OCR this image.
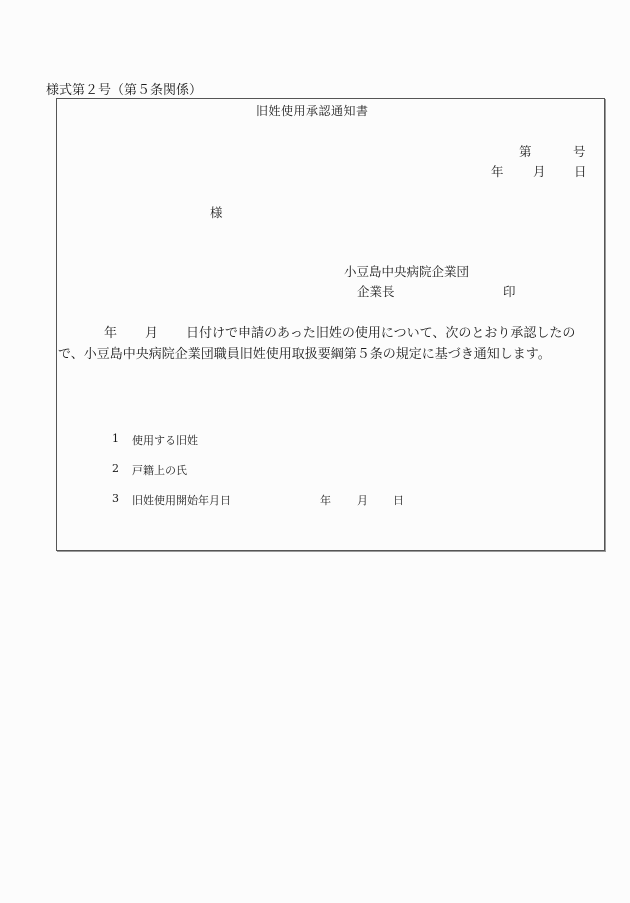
様式第２号（第５条関係）
旧姓使用承認通知書
第	号
年 月 日
様
小豆島中央病院企業団
企業長	印
年 月 日付けで申請のあった旧姓の使用について、次のとおり承認したの
で、小豆島中央病院企業団職員旧姓使用取扱要綱第５条の規定に基づき通知します。
1 使用する旧姓
2 戸籍上の氏
3 旧姓使用開始年月日	年 月 日
